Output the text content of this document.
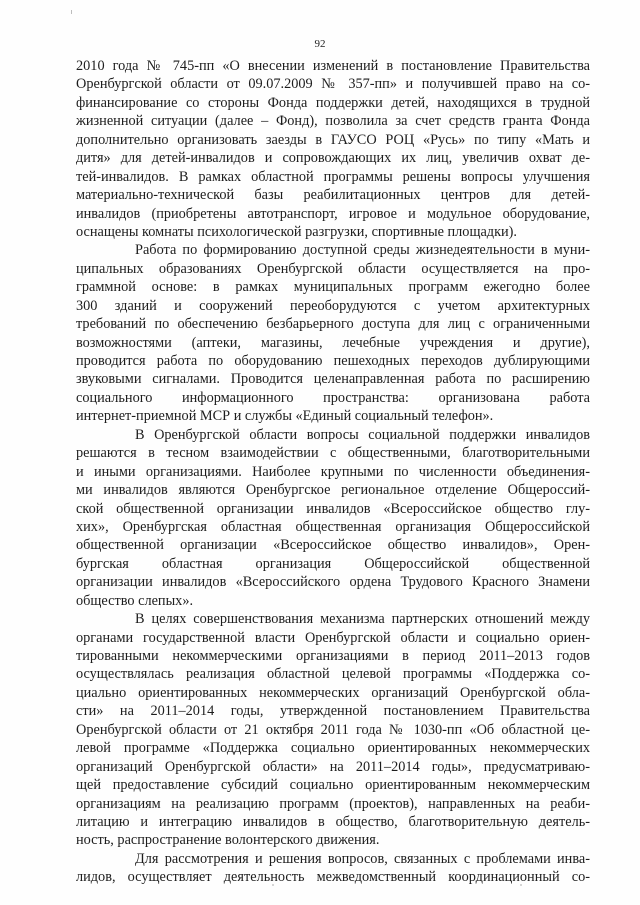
92
2010 года № 745-пп «О внесении изменений в постановление Правительства
Оренбургской области от 09.07.2009 № 357-пп» и получившей право на со-
финансирование со стороны Фонда поддержки детей, находящихся в трудной
жизненной ситуации (далее – Фонд), позволила за счет средств гранта Фонда
дополнительно организовать заезды в ГАУСО РОЦ «Русь» по типу «Мать и
дитя» для детей-инвалидов и сопровождающих их лиц, увеличив охват де-
тей-инвалидов. В рамках областной программы решены вопросы улучшения
материально-технической базы реабилитационных центров для детей-
инвалидов (приобретены автотранспорт, игровое и модульное оборудование,
оснащены комнаты психологической разгрузки, спортивные площадки).
Работа по формированию доступной среды жизнедеятельности в муни-
ципальных образованиях Оренбургской области осуществляется на про-
граммной основе: в рамках муниципальных программ ежегодно более
300 зданий и сооружений переоборудуются с учетом архитектурных
требований по обеспечению безбарьерного доступа для лиц с ограниченными
возможностями (аптеки, магазины, лечебные учреждения и другие),
проводится работа по оборудованию пешеходных переходов дублирующими
звуковыми сигналами. Проводится целенаправленная работа по расширению
социального информационного пространства: организована работа
интернет-приемной МСР и службы «Единый социальный телефон».
В Оренбургской области вопросы социальной поддержки инвалидов
решаются в тесном взаимодействии с общественными, благотворительными
и иными организациями. Наиболее крупными по численности объединения-
ми инвалидов являются Оренбургское региональное отделение Общероссий-
ской общественной организации инвалидов «Всероссийское общество глу-
хих», Оренбургская областная общественная организация Общероссийской
общественной организации «Всероссийское общество инвалидов», Орен-
бургская областная организация Общероссийской общественной
организации инвалидов «Всероссийского ордена Трудового Красного Знамени
общество слепых».
В целях совершенствования механизма партнерских отношений между
органами государственной власти Оренбургской области и социально ориен-
тированными некоммерческими организациями в период 2011–2013 годов
осуществлялась реализация областной целевой программы «Поддержка со-
циально ориентированных некоммерческих организаций Оренбургской обла-
сти» на 2011–2014 годы, утвержденной постановлением Правительства
Оренбургской области от 21 октября 2011 года № 1030-пп «Об областной це-
левой программе «Поддержка социально ориентированных некоммерческих
организаций Оренбургской области» на 2011–2014 годы», предусматриваю-
щей предоставление субсидий социально ориентированным некоммерческим
организациям на реализацию программ (проектов), направленных на реаби-
литацию и интеграцию инвалидов в общество, благотворительную деятель-
ность, распространение волонтерского движения.
Для рассмотрения и решения вопросов, связанных с проблемами инва-
лидов, осуществляет деятельность межведомственный координационный со-
